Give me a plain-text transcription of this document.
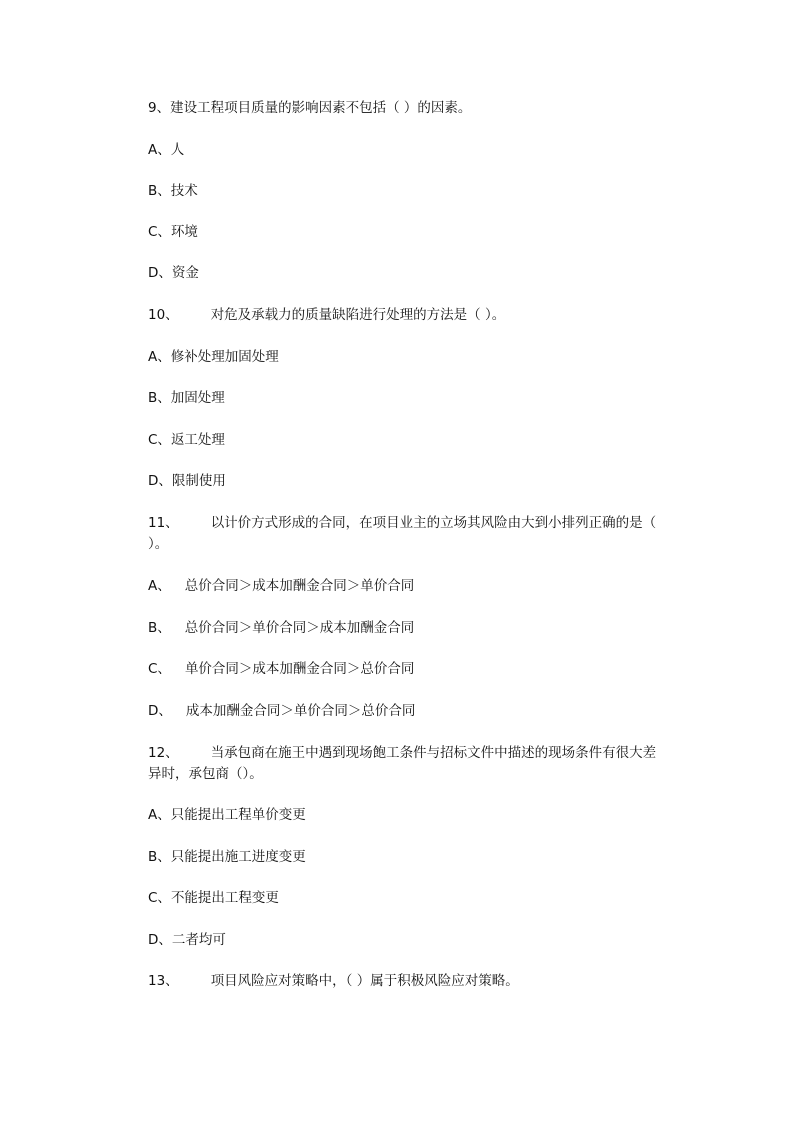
9、建设工程项目质量的影响因素不包括（ ）的因素。
A、人
B、技术
C、环境
D、资金
10、 对危及承载力的质量缺陷进行处理的方法是（ ）。
A、修补处理加固处理
B、加固处理
C、返工处理
D、限制使用
11、 以计价方式形成的合同，在项目业主的立场其风险由大到小排列正确的是（
）。
A、 总价合同＞成本加酬金合同＞单价合同
B、 总价合同＞单价合同＞成本加酬金合同
C、 单价合同＞成本加酬金合同＞总价合同
D、 成本加酬金合同＞单价合同＞总价合同
12、 当承包商在施王中遇到现场飽工条件与招标文件中描述的现场条件有很大差
异时，承包商（）。
A、只能提出工程单价变更
B、只能提出施工进度变更
C、不能提出工程变更
D、二者均可
13、 项目风险应对策略中，（ ）属于积极风险应对策略。
